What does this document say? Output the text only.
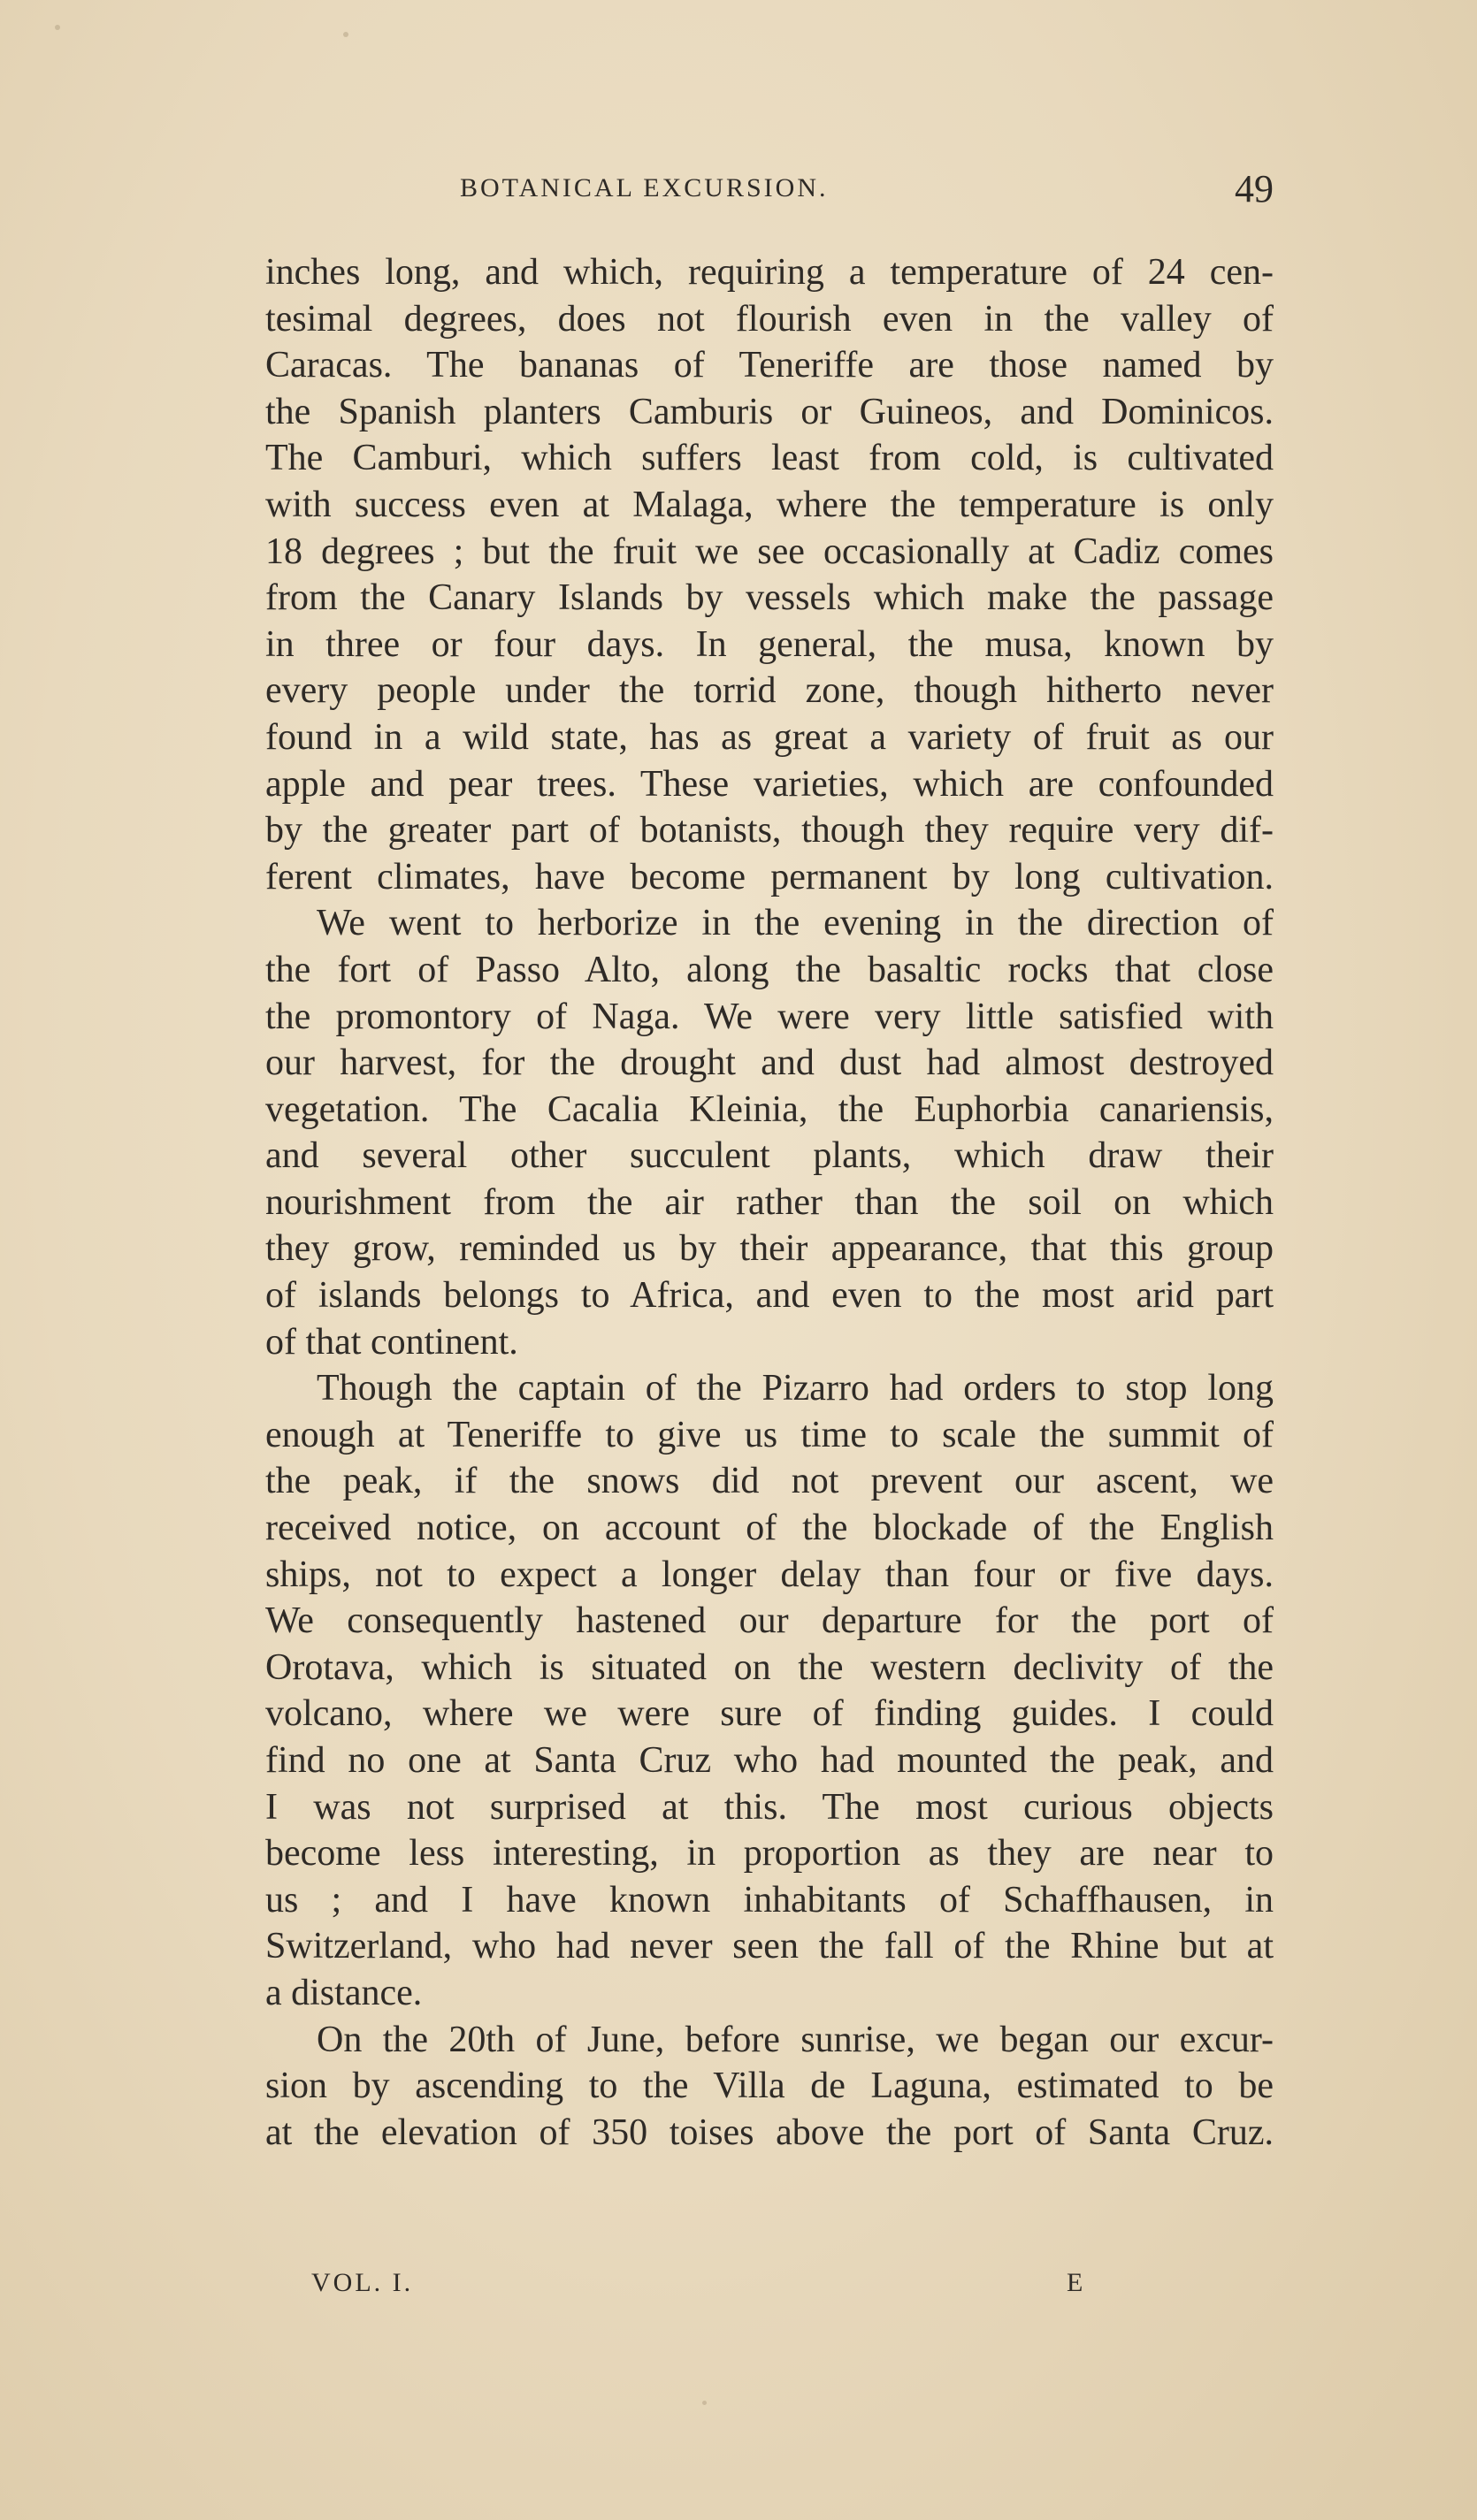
BOTANICAL EXCURSION.	49
inches long, and which, requiring a temperature of 24 cen-
tesimal degrees, does not flourish even in the valley of
Caracas. The bananas of Teneriffe are those named by
the Spanish planters Camburis or Guineos, and Dominicos.
The Camburi, which suffers least from cold, is cultivated
with success even at Malaga, where the temperature is only
18 degrees ; but the fruit we see occasionally at Cadiz comes
from the Canary Islands by vessels which make the passage
in three or four days. In general, the musa, known by
every people under the torrid zone, though hitherto never
found in a wild state, has as great a variety of fruit as our
apple and pear trees. These varieties, which are confounded
by the greater part of botanists, though they require very dif-
ferent climates, have become permanent by long cultivation.
We went to herborize in the evening in the direction of
the fort of Passo Alto, along the basaltic rocks that close
the promontory of Naga. We were very little satisfied with
our harvest, for the drought and dust had almost destroyed
vegetation. The Cacalia Kleinia, the Euphorbia canariensis,
and several other succulent plants, which draw their
nourishment from the air rather than the soil on which
they grow, reminded us by their appearance, that this group
of islands belongs to Africa, and even to the most arid part
of that continent.
Though the captain of the Pizarro had orders to stop long
enough at Teneriffe to give us time to scale the summit of
the peak, if the snows did not prevent our ascent, we
received notice, on account of the blockade of the English
ships, not to expect a longer delay than four or five days.
We consequently hastened our departure for the port of
Orotava, which is situated on the western declivity of the
volcano, where we were sure of finding guides. I could
find no one at Santa Cruz who had mounted the peak, and
I was not surprised at this. The most curious objects
become less interesting, in proportion as they are near to
us ; and I have known inhabitants of Schaffhausen, in
Switzerland, who had never seen the fall of the Rhine but at
a distance.
On the 20th of June, before sunrise, we began our excur-
sion by ascending to the Villa de Laguna, estimated to be
at the elevation of 350 toises above the port of Santa Cruz.
VOL. I.	E
